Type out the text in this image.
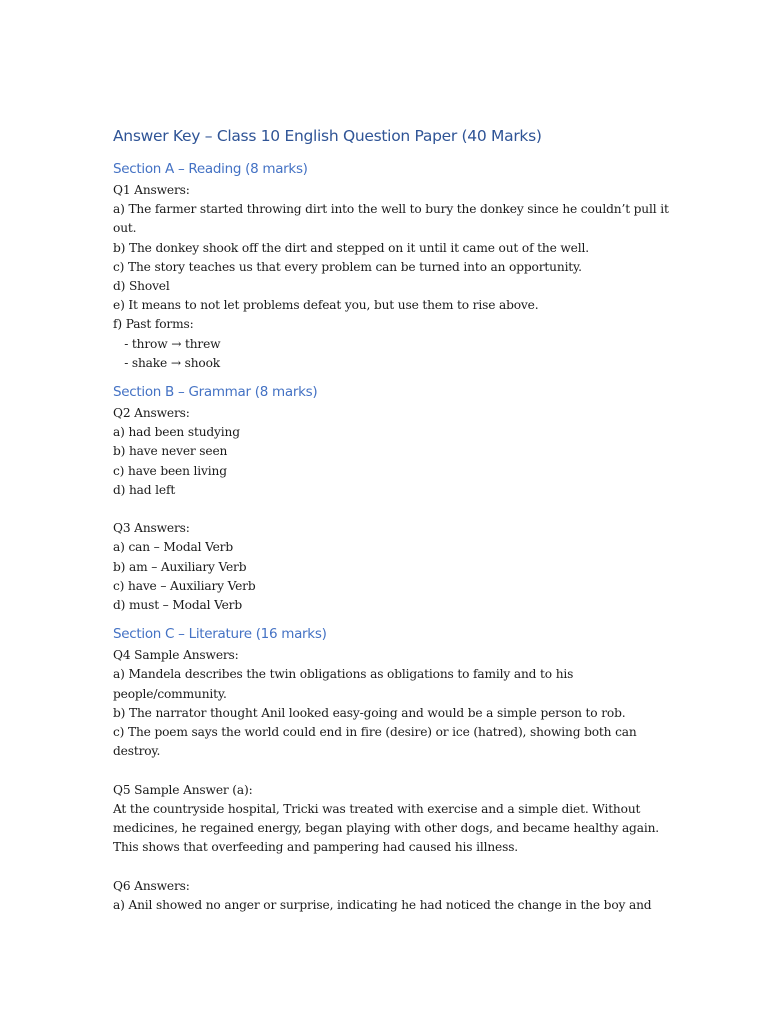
Answer Key – Class 10 English Question Paper (40 Marks)
Section A – Reading (8 marks)
Q1 Answers:
a) The farmer started throwing dirt into the well to bury the donkey since he couldn’t pull it
out.
b) The donkey shook off the dirt and stepped on it until it came out of the well.
c) The story teaches us that every problem can be turned into an opportunity.
d) Shovel
e) It means to not let problems defeat you, but use them to rise above.
f) Past forms:
- throw → threw
- shake → shook
Section B – Grammar (8 marks)
Q2 Answers:
a) had been studying
b) have never seen
c) have been living
d) had left
Q3 Answers:
a) can – Modal Verb
b) am – Auxiliary Verb
c) have – Auxiliary Verb
d) must – Modal Verb
Section C – Literature (16 marks)
Q4 Sample Answers:
a) Mandela describes the twin obligations as obligations to family and to his
people/community.
b) The narrator thought Anil looked easy-going and would be a simple person to rob.
c) The poem says the world could end in fire (desire) or ice (hatred), showing both can
destroy.
Q5 Sample Answer (a):
At the countryside hospital, Tricki was treated with exercise and a simple diet. Without
medicines, he regained energy, began playing with other dogs, and became healthy again.
This shows that overfeeding and pampering had caused his illness.
Q6 Answers:
a) Anil showed no anger or surprise, indicating he had noticed the change in the boy and
